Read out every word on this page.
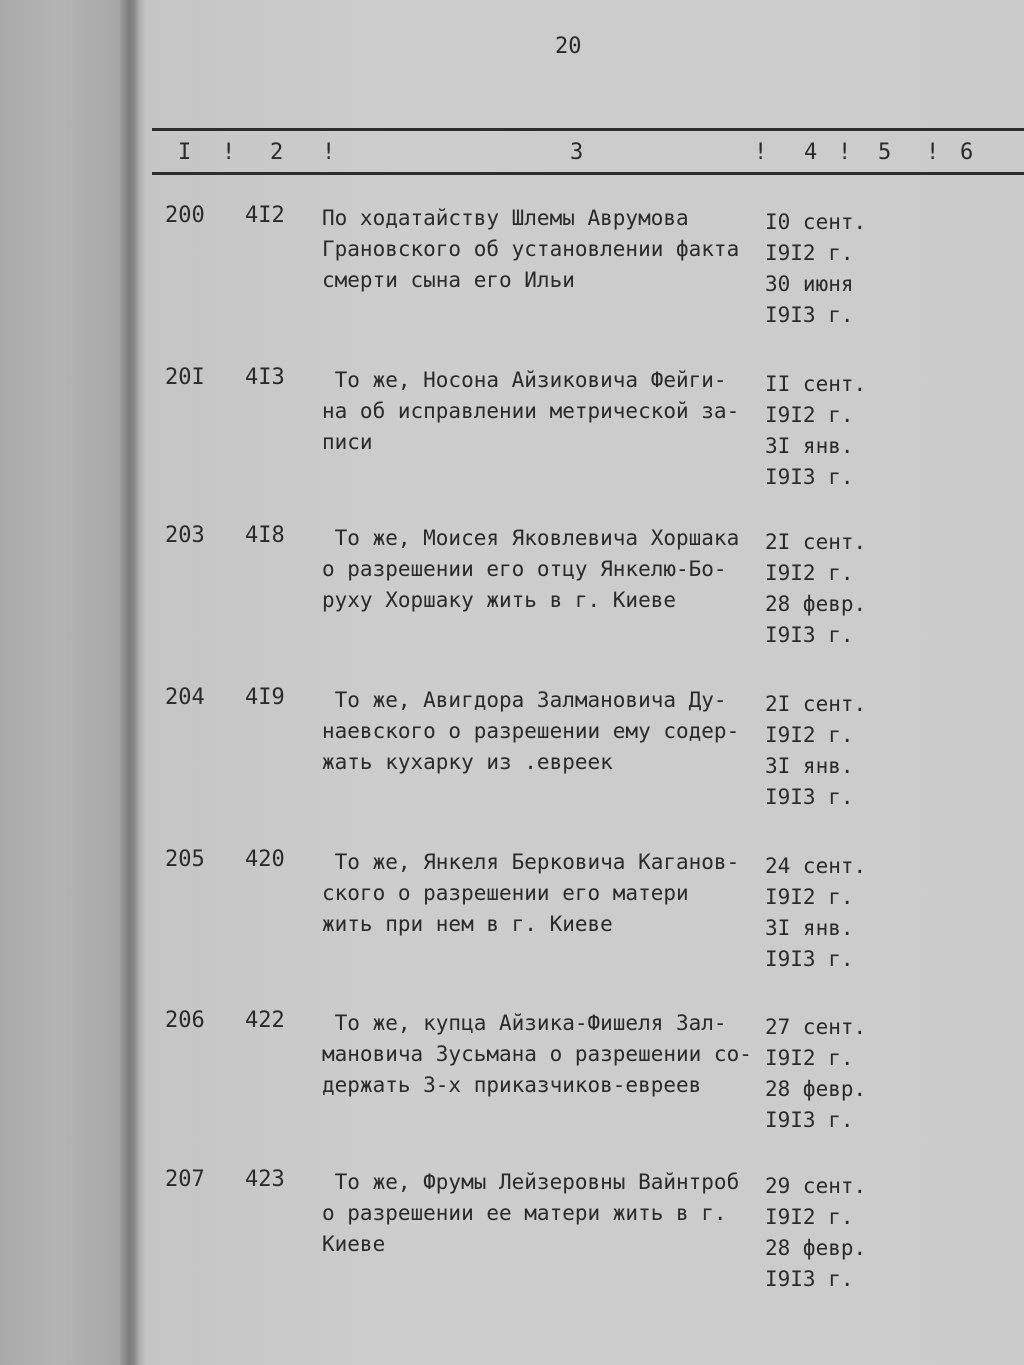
20
I ! 2 !	3	! 4 ! 5 ! 6
200 4I2 По ходатайству Шлемы Аврумова
Грановского об установлении факта
смерти сына его Ильи
I0 сент.
I9I2 г.
30 июня
I9I3 г.
20I 4I3 То же, Носона Айзиковича Фейги-
на об исправлении метрической за-
писи
II сент.
I9I2 г.
3I янв.
I9I3 г.
203 4I8 То же, Моисея Яковлевича Хоршака
о разрешении его отцу Янкелю-Бо-
руху Хоршаку жить в г. Киеве
2I сент.
I9I2 г.
28 февр.
I9I3 г.
204 4I9 То же, Авигдора Залмановича Ду-
наевского о разрешении ему содер-
жать кухарку из .евреек
2I сент.
I9I2 г.
3I янв.
I9I3 г.
205 420 То же, Янкеля Берковича Каганов-
ского о разрешении его матери
жить при нем в г. Киеве
24 сент.
I9I2 г.
3I янв.
I9I3 г.
206 422 То же, купца Айзика-Фишеля Зал-
мановича Зусьмана о разрешении со-
держать 3-х приказчиков-евреев
27 сент.
I9I2 г.
28 февр.
I9I3 г.
207 423 То же, Фрумы Лейзеровны Вайнтроб
о разрешении ее матери жить в г.
Киеве
29 сент.
I9I2 г.
28 февр.
I9I3 г.
